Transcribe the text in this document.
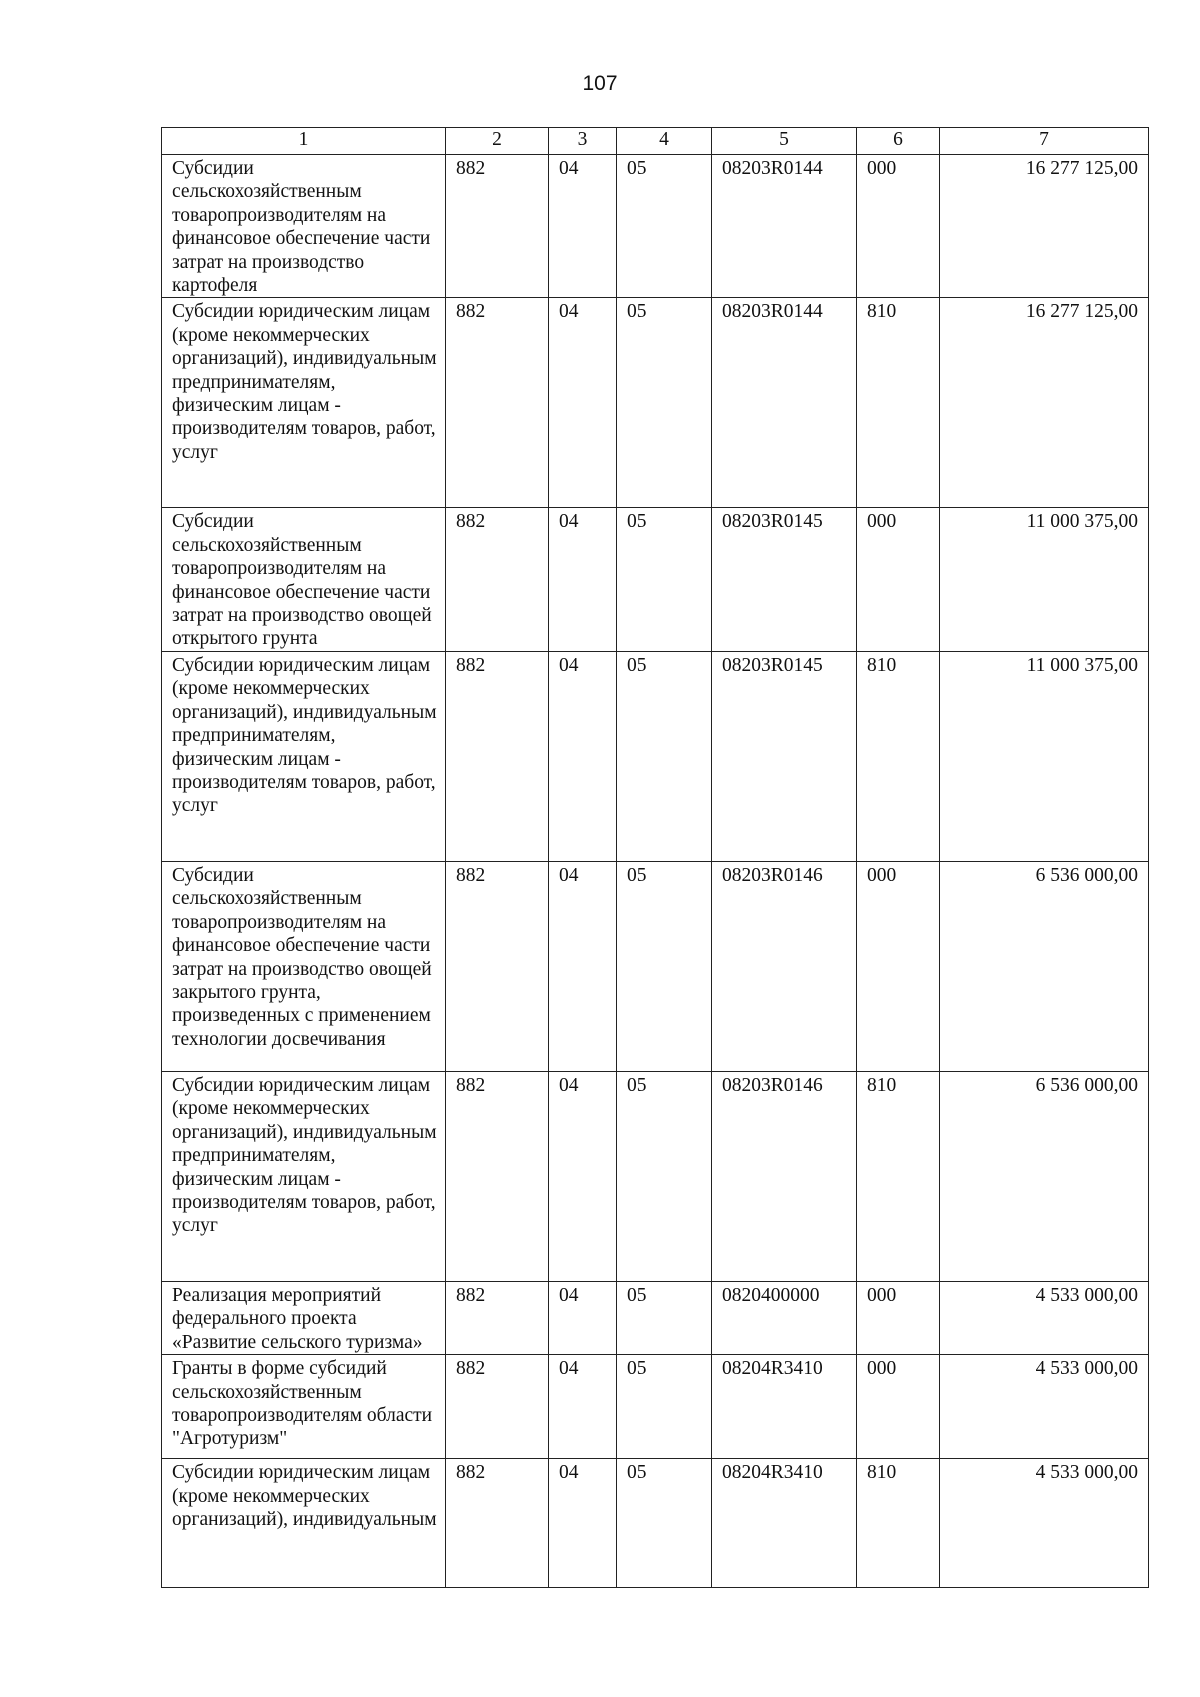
107
1	2	3	4	5	6	7
Субсидии сельскохозяйственным товаропроизводителям на финансовое обеспечение части затрат на производство картофеля	882	04	05	08203R0144	000	16 277 125,00
Субсидии юридическим лицам (кроме некоммерческих организаций), индивидуальным предпринимателям, физическим лицам - производителям товаров, работ, услуг	882	04	05	08203R0144	810	16 277 125,00
Субсидии сельскохозяйственным товаропроизводителям на финансовое обеспечение части затрат на производство овощей открытого грунта	882	04	05	08203R0145	000	11 000 375,00
Субсидии юридическим лицам (кроме некоммерческих организаций), индивидуальным предпринимателям, физическим лицам - производителям товаров, работ, услуг	882	04	05	08203R0145	810	11 000 375,00
Субсидии сельскохозяйственным товаропроизводителям на финансовое обеспечение части затрат на производство овощей закрытого грунта, произведенных с применением технологии досвечивания	882	04	05	08203R0146	000	6 536 000,00
Субсидии юридическим лицам (кроме некоммерческих организаций), индивидуальным предпринимателям, физическим лицам - производителям товаров, работ, услуг	882	04	05	08203R0146	810	6 536 000,00
Реализация мероприятий федерального проекта «Развитие сельского туризма»	882	04	05	0820400000	000	4 533 000,00
Гранты в форме субсидий сельскохозяйственным товаропроизводителям области "Агротуризм"	882	04	05	08204R3410	000	4 533 000,00
Субсидии юридическим лицам (кроме некоммерческих организаций), индивидуальным	882	04	05	08204R3410	810	4 533 000,00
